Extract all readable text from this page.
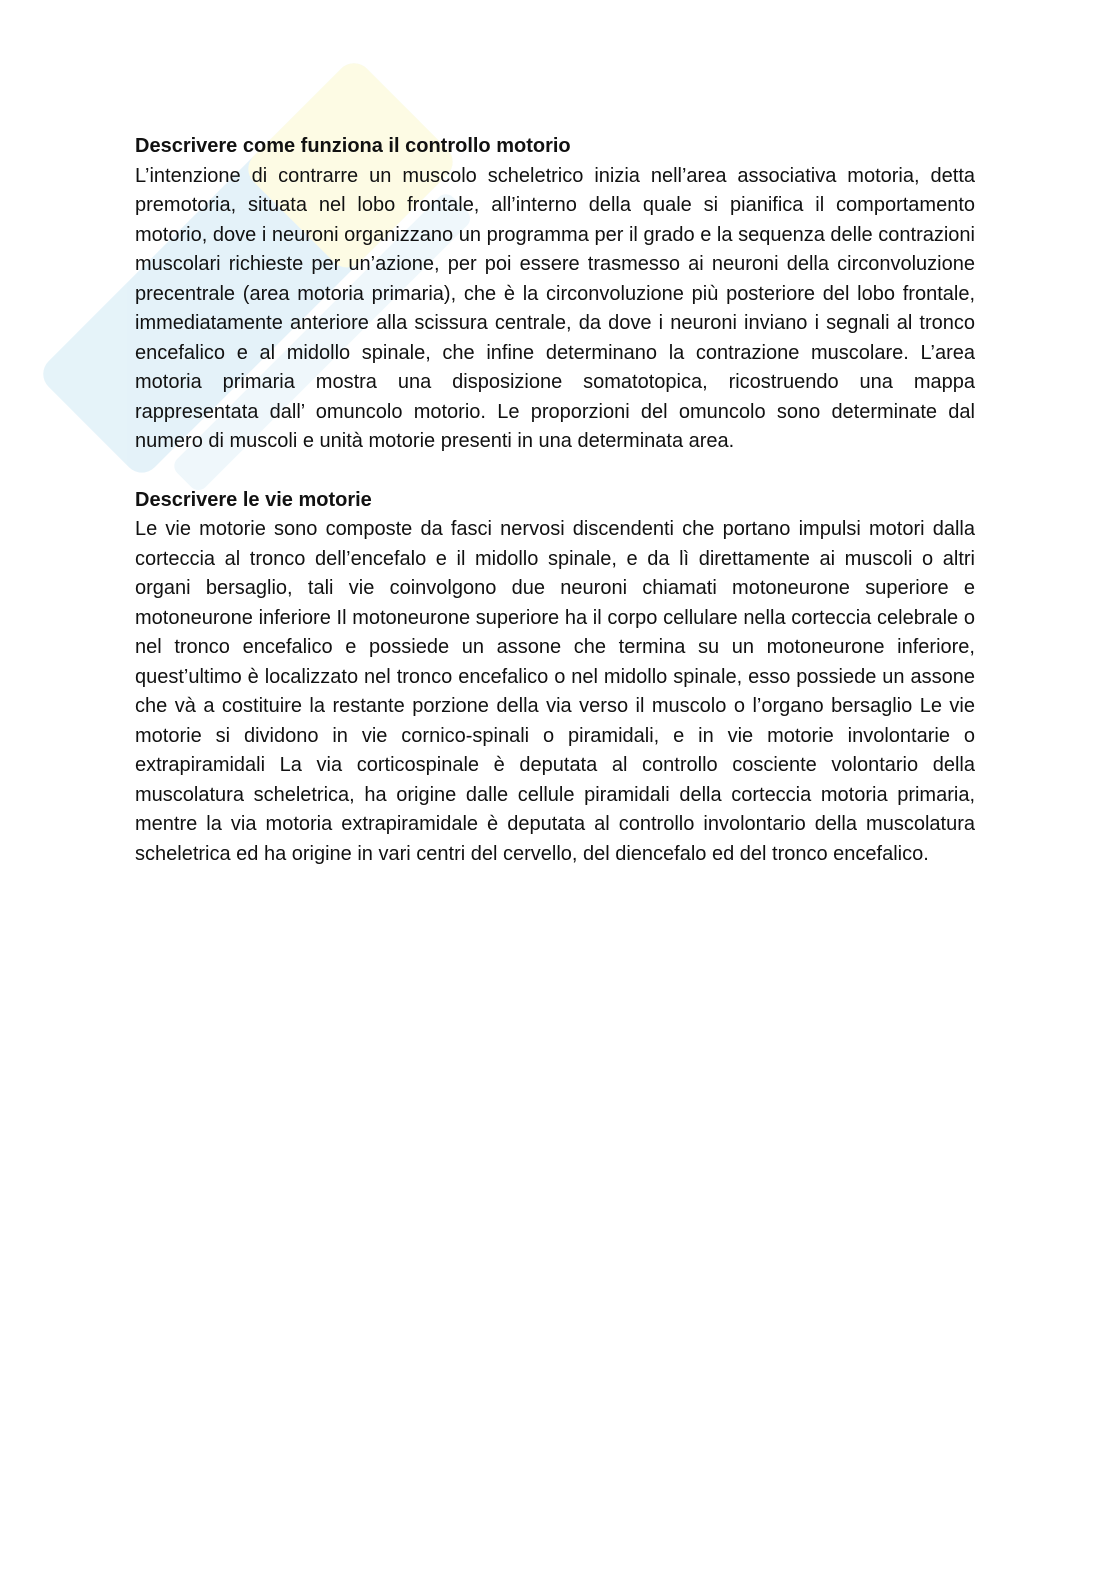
Descrivere come funziona il controllo motorio

L’intenzione di contrarre un muscolo scheletrico inizia nell’area associativa motoria, detta premotoria, situata nel lobo frontale, all’interno della quale si pianifica il comportamento motorio, dove i neuroni organizzano un programma per il grado e la sequenza delle contrazioni muscolari richieste per un’azione, per poi essere trasmesso ai neuroni della circonvoluzione precentrale (area motoria primaria), che è la circonvoluzione più posteriore del lobo frontale, immediatamente anteriore alla scissura centrale, da dove i neuroni inviano i segnali al tronco encefalico e al midollo spinale, che infine determinano la contrazione muscolare. L’area motoria primaria mostra una disposizione somatotopica, ricostruendo una mappa rappresentata dall’ omuncolo motorio. Le proporzioni del omuncolo sono determinate dal numero di muscoli e unità motorie presenti in una determinata area.

Descrivere le vie motorie

Le vie motorie sono composte da fasci nervosi discendenti che portano impulsi motori dalla corteccia al tronco dell’encefalo e il midollo spinale, e da lì direttamente ai muscoli o altri organi bersaglio, tali vie coinvolgono due neuroni chiamati motoneurone superiore e motoneurone inferiore Il motoneurone superiore ha il corpo cellulare nella corteccia celebrale o nel tronco encefalico e possiede un assone che termina su un motoneurone inferiore, quest’ultimo è localizzato nel tronco encefalico o nel midollo spinale, esso possiede un assone che và a costituire la restante porzione della via verso il muscolo o l’organo bersaglio Le vie motorie si dividono in vie cornico-spinali o piramidali, e in vie motorie involontarie o extrapiramidali La via corticospinale è deputata al controllo cosciente volontario della muscolatura scheletrica, ha origine dalle cellule piramidali della corteccia motoria primaria, mentre la via motoria extrapiramidale è deputata al controllo involontario della muscolatura scheletrica ed ha origine in vari centri del cervello, del diencefalo ed del tronco encefalico.
